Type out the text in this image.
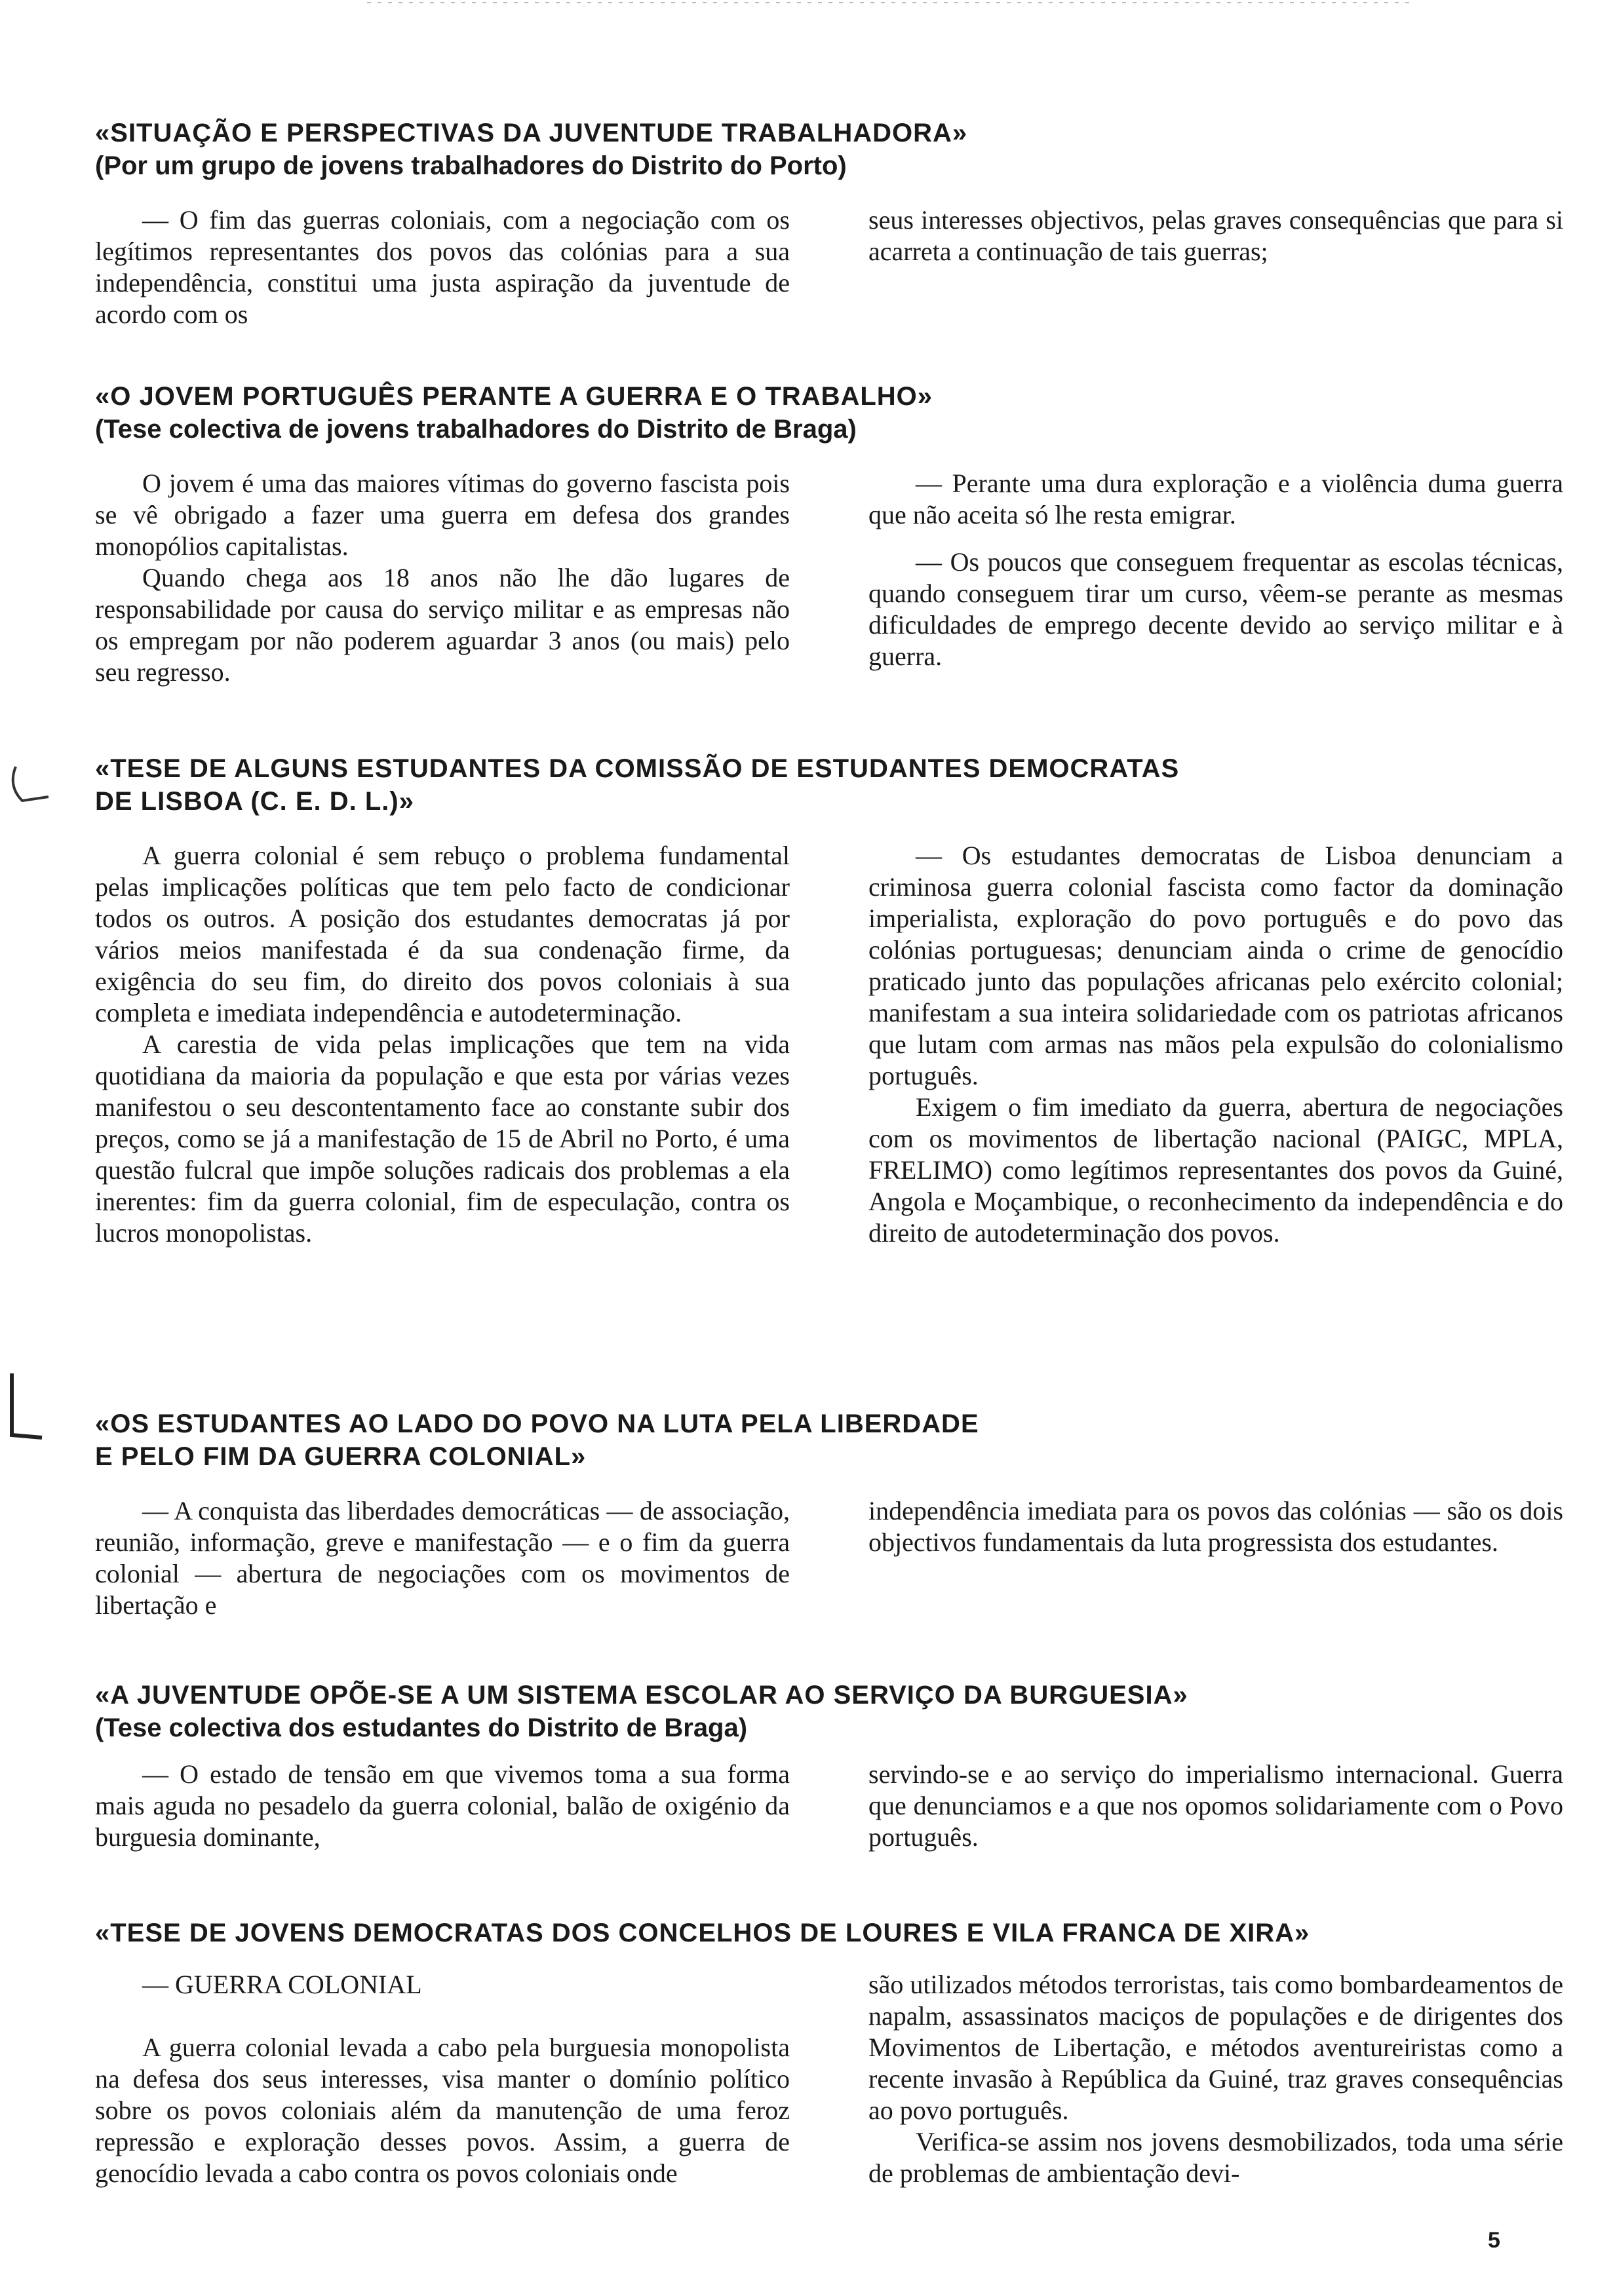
«SITUAÇÃO E PERSPECTIVAS DA JUVENTUDE TRABALHADORA»
(Por um grupo de jovens trabalhadores do Distrito do Porto)

— O fim das guerras coloniais, com a negociação com os legítimos representantes dos povos das colónias para a sua independência, constitui uma justa aspiração da juventude de acordo com os

seus interesses objectivos, pelas graves consequências que para si acarreta a continuação de tais guerras;

«O JOVEM PORTUGUÊS PERANTE A GUERRA E O TRABALHO»
(Tese colectiva de jovens trabalhadores do Distrito de Braga)

O jovem é uma das maiores vítimas do governo fascista pois se vê obrigado a fazer uma guerra em defesa dos grandes monopólios capitalistas.

Quando chega aos 18 anos não lhe dão lugares de responsabilidade por causa do serviço militar e as empresas não os empregam por não poderem aguardar 3 anos (ou mais) pelo seu regresso.

— Perante uma dura exploração e a violência duma guerra que não aceita só lhe resta emigrar.

— Os poucos que conseguem frequentar as escolas técnicas, quando conseguem tirar um curso, vêem-se perante as mesmas dificuldades de emprego decente devido ao serviço militar e à guerra.

«TESE DE ALGUNS ESTUDANTES DA COMISSÃO DE ESTUDANTES DEMOCRATAS
DE LISBOA (C. E. D. L.)»

A guerra colonial é sem rebuço o problema fundamental pelas implicações políticas que tem pelo facto de condicionar todos os outros. A posição dos estudantes democratas já por vários meios manifestada é da sua condenação firme, da exigência do seu fim, do direito dos povos coloniais à sua completa e imediata independência e autodeterminação.

A carestia de vida pelas implicações que tem na vida quotidiana da maioria da população e que esta por várias vezes manifestou o seu descontentamento face ao constante subir dos preços, como se já a manifestação de 15 de Abril no Porto, é uma questão fulcral que impõe soluções radicais dos problemas a ela inerentes: fim da guerra colonial, fim de especulação, contra os lucros monopolistas.

— Os estudantes democratas de Lisboa denunciam a criminosa guerra colonial fascista como factor da dominação imperialista, exploração do povo português e do povo das colónias portuguesas; denunciam ainda o crime de genocídio praticado junto das populações africanas pelo exército colonial; manifestam a sua inteira solidariedade com os patriotas africanos que lutam com armas nas mãos pela expulsão do colonialismo português.

Exigem o fim imediato da guerra, abertura de negociações com os movimentos de libertação nacional (PAIGC, MPLA, FRELIMO) como legítimos representantes dos povos da Guiné, Angola e Moçambique, o reconhecimento da independência e do direito de autodeterminação dos povos.

«OS ESTUDANTES AO LADO DO POVO NA LUTA PELA LIBERDADE
E PELO FIM DA GUERRA COLONIAL»

— A conquista das liberdades democráticas — de associação, reunião, informação, greve e manifestação — e o fim da guerra colonial — abertura de negociações com os movimentos de libertação e

independência imediata para os povos das colónias — são os dois objectivos fundamentais da luta progressista dos estudantes.

«A JUVENTUDE OPÕE-SE A UM SISTEMA ESCOLAR AO SERVIÇO DA BURGUESIA»
(Tese colectiva dos estudantes do Distrito de Braga)

— O estado de tensão em que vivemos toma a sua forma mais aguda no pesadelo da guerra colonial, balão de oxigénio da burguesia dominante,

servindo-se e ao serviço do imperialismo internacional. Guerra que denunciamos e a que nos opomos solidariamente com o Povo português.

«TESE DE JOVENS DEMOCRATAS DOS CONCELHOS DE LOURES E VILA FRANCA DE XIRA»

— GUERRA COLONIAL

A guerra colonial levada a cabo pela burguesia monopolista na defesa dos seus interesses, visa manter o domínio político sobre os povos coloniais além da manutenção de uma feroz repressão e exploração desses povos. Assim, a guerra de genocídio levada a cabo contra os povos coloniais onde

são utilizados métodos terroristas, tais como bombardeamentos de napalm, assassinatos maciços de populações e de dirigentes dos Movimentos de Libertação, e métodos aventureiristas como a recente invasão à República da Guiné, traz graves consequências ao povo português.

Verifica-se assim nos jovens desmobilizados, toda uma série de problemas de ambientação devi-

5
